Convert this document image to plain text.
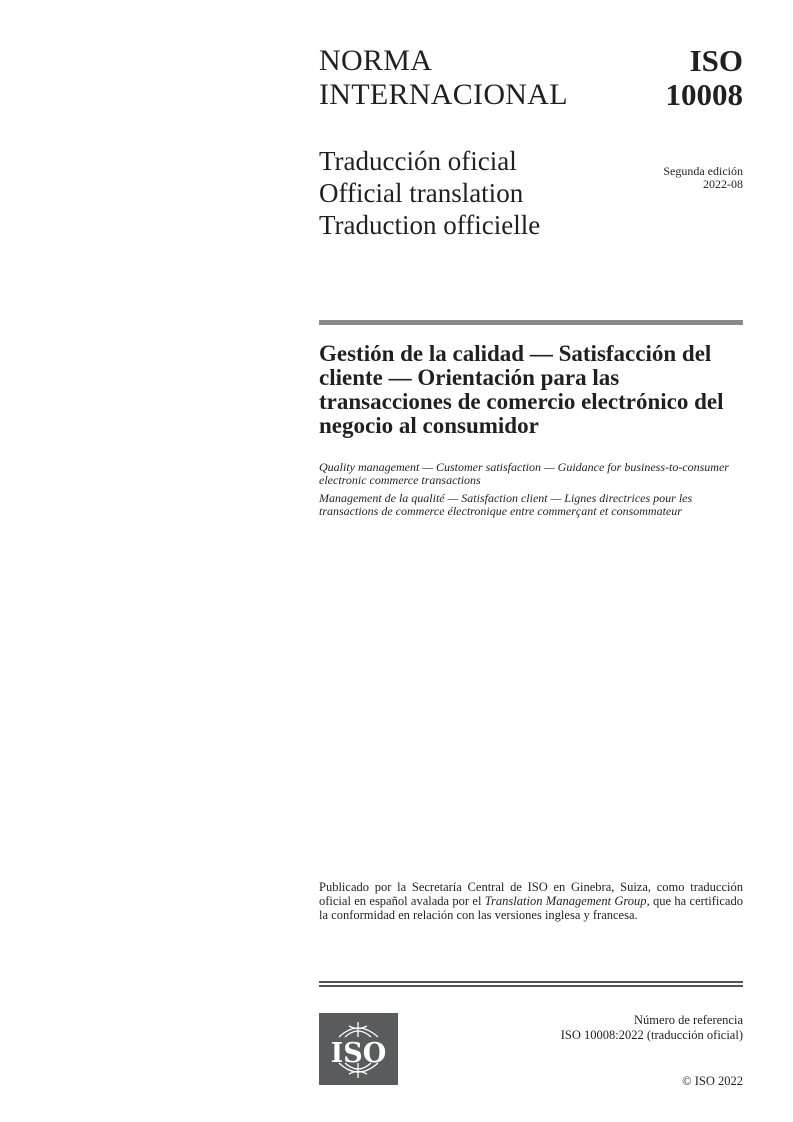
NORMA
INTERNACIONAL
ISO
10008
Traducción oficial
Official translation
Traduction officielle
Segunda edición
2022-08
Gestión de la calidad — Satisfacción del cliente — Orientación para las transacciones de comercio electrónico del negocio al consumidor

Quality management — Customer satisfaction — Guidance for business-to-consumer electronic commerce transactions

Management de la qualité — Satisfaction client — Lignes directrices pour les transactions de commerce électronique entre commerçant et consommateur

Publicado por la Secretaría Central de ISO en Ginebra, Suiza, como traducción oficial en español avalada por el Translation Management Group, que ha certificado la conformidad en relación con las versiones inglesa y francesa.
ISO
Número de referencia
ISO 10008:2022 (traducción oficial)
© ISO 2022
